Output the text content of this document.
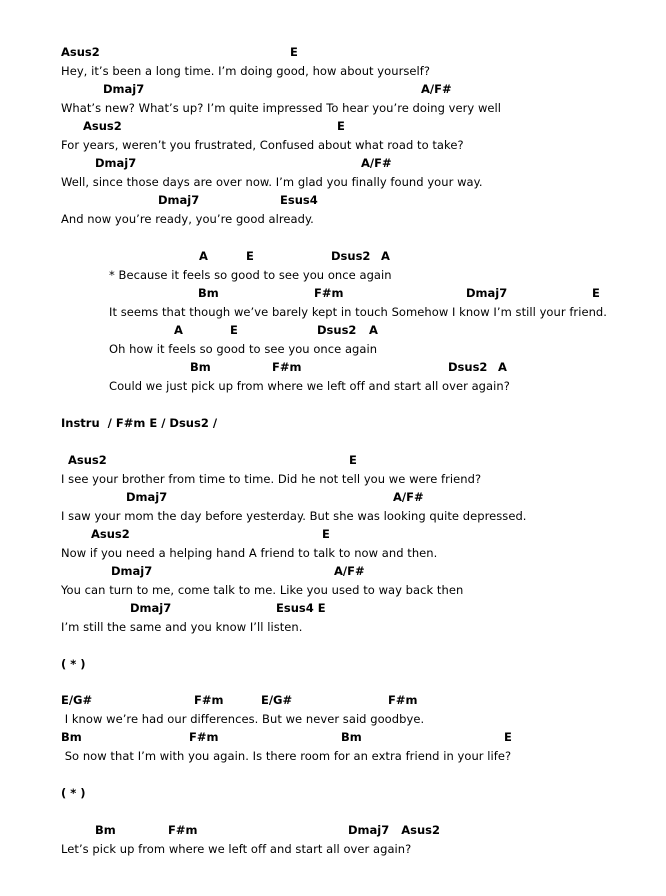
Asus2	E
Hey, it’s been a long time. I’m doing good, how about yourself?
Dmaj7	A/F#
What’s new? What’s up? I’m quite impressed To hear you’re doing very well
Asus2	E
For years, weren’t you frustrated, Confused about what road to take?
Dmaj7	A/F#
Well, since those days are over now. I’m glad you finally found your way.
Dmaj7	Esus4
And now you’re ready, you’re good already.
A	E	Dsus2 A
* Because it feels so good to see you once again
Bm	F#m	Dmaj7	E
It seems that though we’ve barely kept in touch Somehow I know I’m still your friend.
A	E	Dsus2 A
Oh how it feels so good to see you once again
Bm	F#m	Dsus2 A
Could we just pick up from where we left off and start all over again?
Instru  / F#m E / Dsus2 /
Asus2	E
I see your brother from time to time. Did he not tell you we were friend?
Dmaj7	A/F#
I saw your mom the day before yesterday. But she was looking quite depressed.
Asus2	E
Now if you need a helping hand A friend to talk to now and then.
Dmaj7	A/F#
You can turn to me, come talk to me. Like you used to way back then
Dmaj7	Esus4 E
I’m still the same and you know I’ll listen.
( * )
E/G#	F#m	E/G#	F#m
I know we’re had our differences. But we never said goodbye.
Bm	F#m	Bm	E
So now that I’m with you again. Is there room for an extra friend in your life?
( * )
Bm	F#m	Dmaj7   Asus2
Let’s pick up from where we left off and start all over again?
